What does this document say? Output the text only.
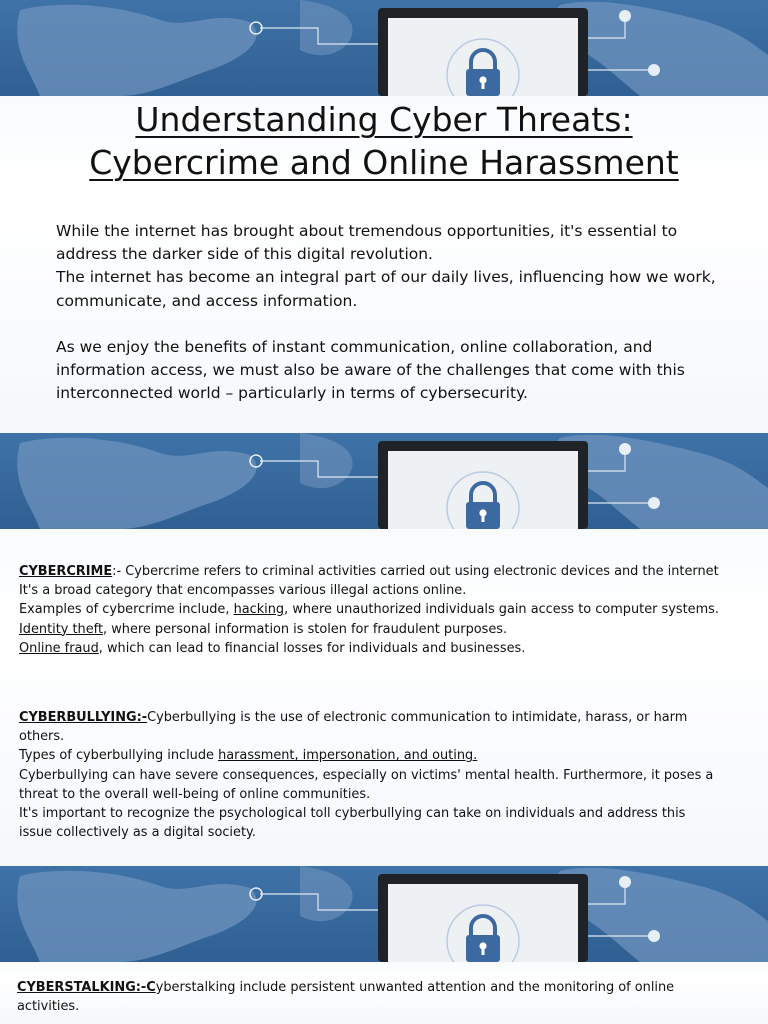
Understanding Cyber Threats:
Cybercrime and Online Harassment

While the internet has brought about tremendous opportunities, it's essential to address the darker side of this digital revolution.

The internet has become an integral part of our daily lives, influencing how we work, communicate, and access information.

As we enjoy the benefits of instant communication, online collaboration, and information access, we must also be aware of the challenges that come with this interconnected world – particularly in terms of cybersecurity.

CYBERCRIME:- Cybercrime refers to criminal activities carried out using electronic devices and the internet

It's a broad category that encompasses various illegal actions online.

Examples of cybercrime include, hacking, where unauthorized individuals gain access to computer systems. Identity theft, where personal information is stolen for fraudulent purposes.

Online fraud, which can lead to financial losses for individuals and businesses.

CYBERBULLYING:-Cyberbullying is the use of electronic communication to intimidate, harass, or harm others.

Types of cyberbullying include harassment, impersonation, and outing.

Cyberbullying can have severe consequences, especially on victims' mental health. Furthermore, it poses a threat to the overall well-being of online communities.

It's important to recognize the psychological toll cyberbullying can take on individuals and address this issue collectively as a digital society.

CYBERSTALKING:-Cyberstalking include persistent unwanted attention and the monitoring of online activities.
